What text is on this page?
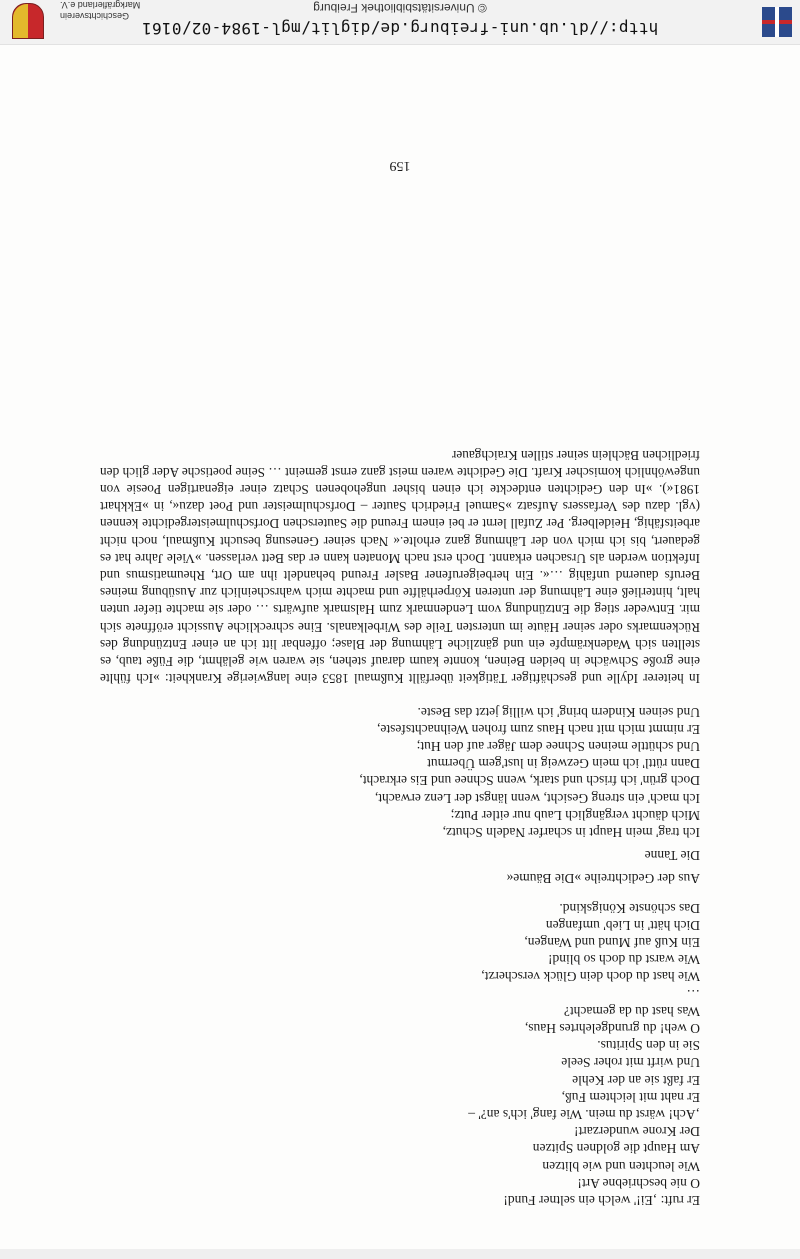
Er ruft: ‚Ei!' welch ein seltner Fund!
O nie beschriebne Art!
Wie leuchten und wie blitzen
Am Haupt die goldnen Spitzen
Der Krone wunderzart!
‚Ach! wärst du mein. Wie fang' ich's an?' –
Er naht mit leichtem Fuß,
Er faßt sie an der Kehle
Und wirft mit roher Seele
Sie in den Spiritus.
O weh! du grundgelehrtes Haus,
Was hast du da gemacht?
…
Wie hast du doch dein Glück verscherzt,
Wie warst du doch so blind!
Ein Kuß auf Mund und Wangen,
Dich hätt' in Lieb' umfangen
Das schönste Königskind.
Aus der Gedichtreihe »Die Bäume«
Die Tanne
Ich trag' mein Haupt in scharfer Nadeln Schutz,
Mich däucht vergänglich Laub nur eitler Putz;
Ich mach' ein streng Gesicht, wenn längst der Lenz erwacht,
Doch grün' ich frisch und stark, wenn Schnee und Eis erkracht,
Dann rüttl' ich mein Gezweig in lust'gem Übermut
Und schüttle meinen Schnee dem Jäger auf den Hut;
Er nimmt mich mit nach Haus zum frohen Weihnachtsfeste,
Und seinen Kindern bring' ich willig jetzt das Beste.
In heiterer Idylle und geschäftiger Tätigkeit überfällt Kußmaul 1853 eine langwierige Krankheit: »Ich fühlte eine große Schwäche in beiden Beinen, konnte kaum darauf stehen, sie waren wie gelähmt, die Füße taub, es stellten sich Wadenkrämpfe ein und gänzliche Lähmung der Blase; offenbar litt ich an einer Entzündung des Rückenmarks oder seiner Häute im untersten Teile des Wirbelkanals. Eine schreckliche Aussicht eröffnete sich mir. Entweder stieg die Entzündung vom Lendenmark zum Halsmark aufwärts … oder sie machte tiefer unten halt, hinterließ eine Lähmung der unteren Körperhälfte und machte mich wahrscheinlich zur Ausübung meines Berufs dauernd unfähig …«. Ein herbeigerufener Basler Freund behandelt ihn am Ort, Rheumatismus und Infektion werden als Ursachen erkannt. Doch erst nach Monaten kann er das Bett verlassen. »Viele Jahre hat es gedauert, bis ich mich von der Lähmung ganz erholte.« Nach seiner Genesung besucht Kußmaul, noch nicht arbeitsfähig, Heidelberg. Per Zufall lernt er bei einem Freund die Sauterschen Dorfschulmeistergedichte kennen (vgl. dazu des Verfassers Aufsatz »Samuel Friedrich Sauter – Dorfschulmeister und Poet dazu«, in »Ekkhart 1981«). »In den Gedichten entdeckte ich einen bisher ungehobenen Schatz einer eigenartigen Poesie von ungewöhnlich komischer Kraft. Die Gedichte waren meist ganz ernst gemeint … Seine poetische Ader glich den friedlichen Bächlein seiner stillen Kraichgauer
159
http://dl.ub.uni-freiburg.de/diglit/mgl-1984-02/0161
© Universitätsbibliothek Freiburg
Geschichtsverein
Markgräflerland e.V.
